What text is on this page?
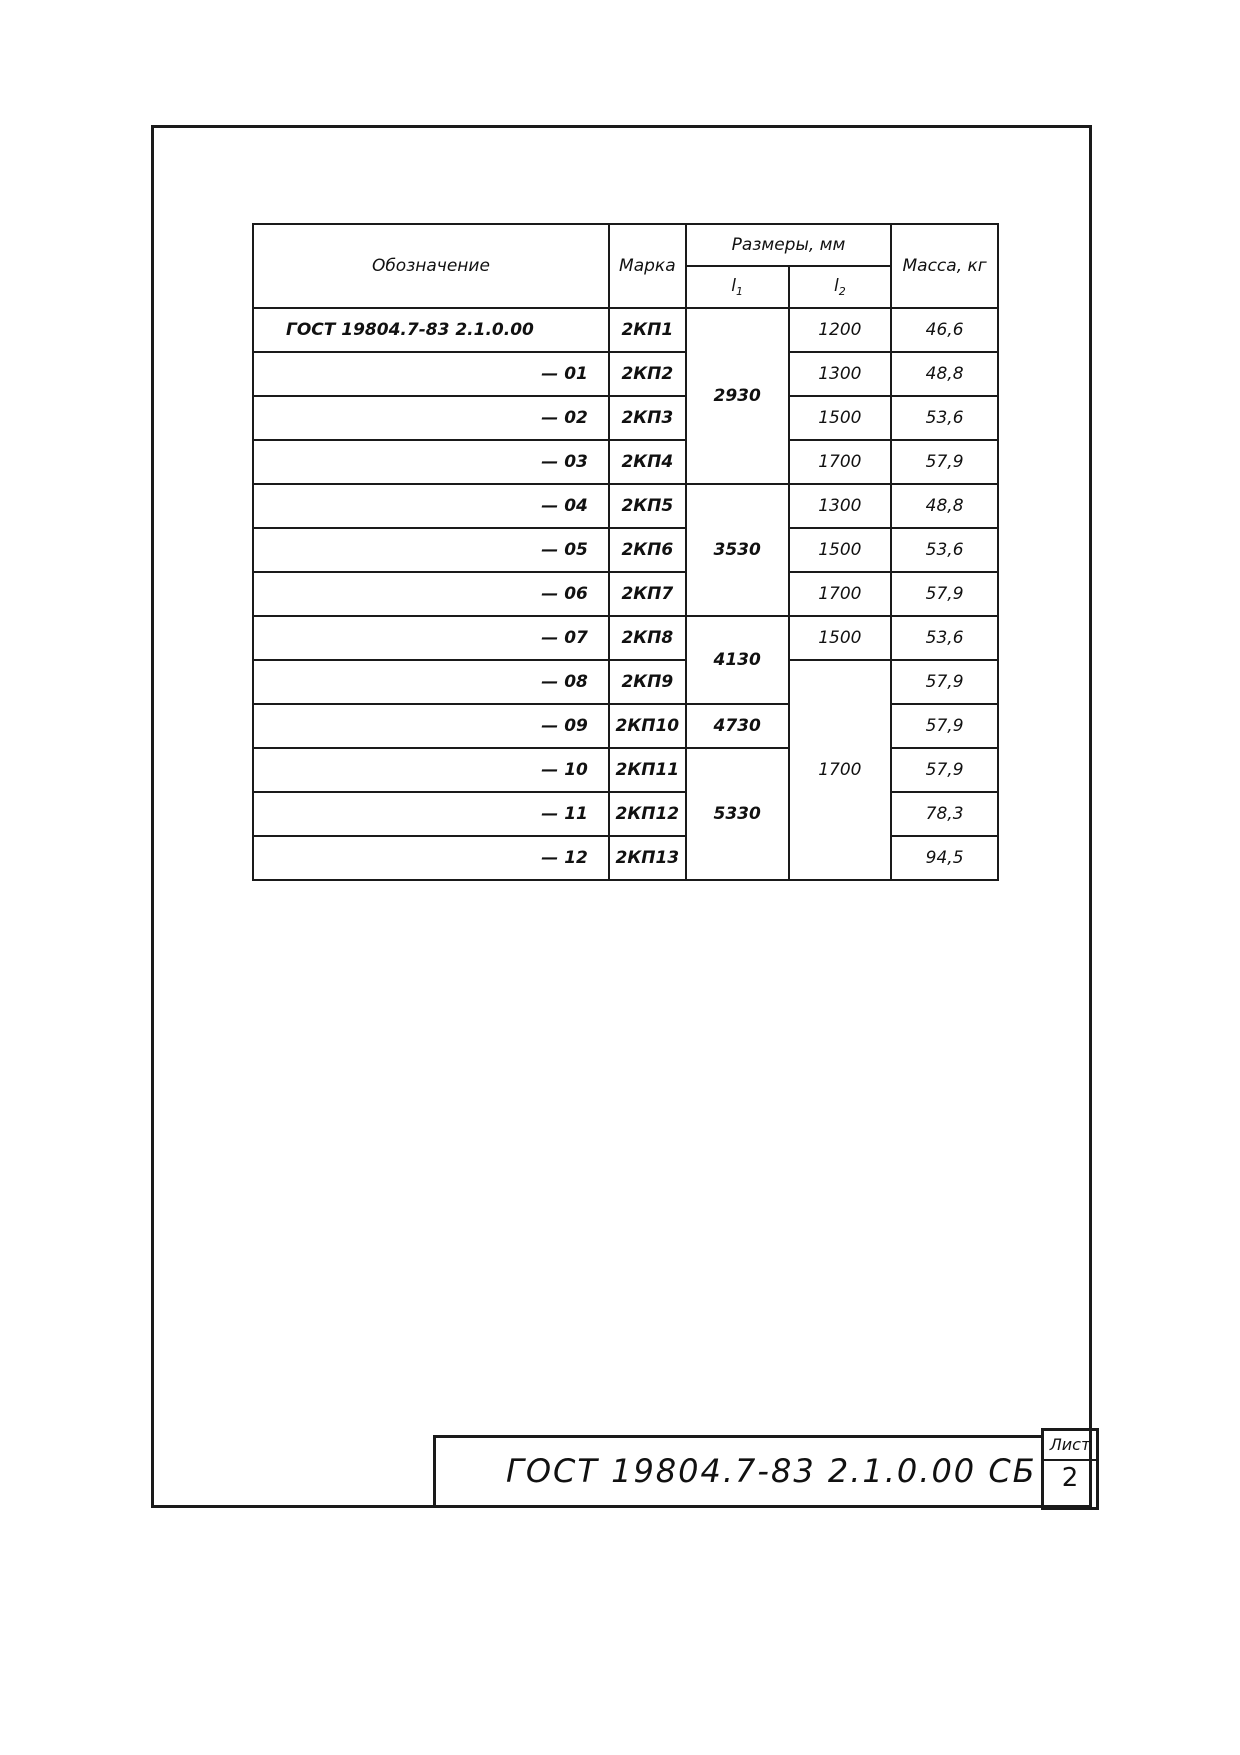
Обозначение	Марка	Размеры, мм		Масса, кг
		$l_1$	$l_2$
ГОСТ 19804.7-83 2.1.0.00	2КП1	2930	1200	46,6
— 01	2КП2		1300	48,8
— 02	2КП3		1500	53,6
— 03	2КП4		1700	57,9
— 04	2КП5	3530	1300	48,8
— 05	2КП6		1500	53,6
— 06	2КП7		1700	57,9
— 07	2КП8	4130	1500	53,6
— 08	2КП9		1700	57,9
— 09	2КП10	4730		57,9
— 10	2КП11	5330		57,9
— 11	2КП12			78,3
— 12	2КП13			94,5
ГОСТ 19804.7-83 2.1.0.00 СБ
Лист
2
